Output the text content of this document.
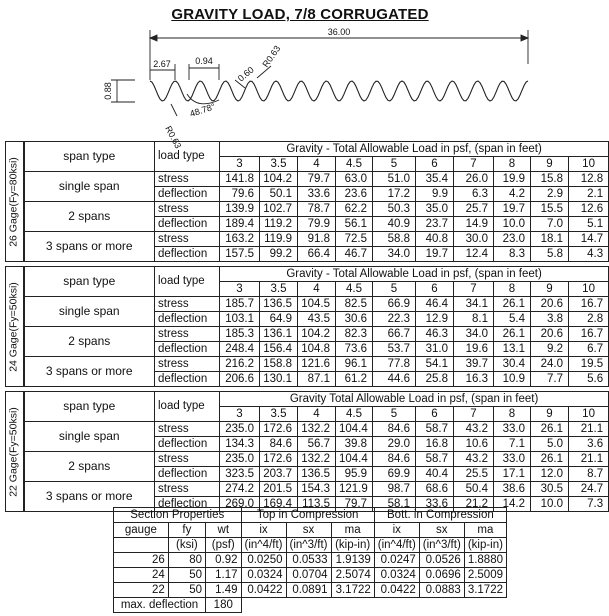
GRAVITY LOAD, 7/8 CORRUGATED
36.00
2.67	0.94
0.88
R0.63
0.60
48.78°
R0.63
26 Gage(Fy=80ksi)	span type	load type	Gravity - Total Allowable Load in psf, (span in feet)									
			3	3.5	4	4.5	5	6	7	8	9	10
	single span	stress	141.8	104.2	79.7	63.0	51.0	35.4	26.0	19.9	15.8	12.8
		deflection	79.6	50.1	33.6	23.6	17.2	9.9	6.3	4.2	2.9	2.1
	2 spans	stress	139.9	102.7	78.7	62.2	50.3	35.0	25.7	19.7	15.5	12.6
		deflection	189.4	119.2	79.9	56.1	40.9	23.7	14.9	10.0	7.0	5.1
	3 spans or more	stress	163.2	119.9	91.8	72.5	58.8	40.8	30.0	23.0	18.1	14.7
		deflection	157.5	99.2	66.4	46.7	34.0	19.7	12.4	8.3	5.8	4.3

24 Gage(Fy=50ksi)	span type	load type	Gravity - Total Allowable Load in psf, (span in feet)									
			3	3.5	4	4.5	5	6	7	8	9	10
	single span	stress	185.7	136.5	104.5	82.5	66.9	46.4	34.1	26.1	20.6	16.7
		deflection	103.1	64.9	43.5	30.6	22.3	12.9	8.1	5.4	3.8	2.8
	2 spans	stress	185.3	136.1	104.2	82.3	66.7	46.3	34.0	26.1	20.6	16.7
		deflection	248.4	156.4	104.8	73.6	53.7	31.0	19.6	13.1	9.2	6.7
	3 spans or more	stress	216.2	158.8	121.6	96.1	77.8	54.1	39.7	30.4	24.0	19.5
		deflection	206.6	130.1	87.1	61.2	44.6	25.8	16.3	10.9	7.7	5.6

22 Gage(Fy=50ksi)	span type	load type	Gravity Total Allowable Load in psf, (span in feet)									
			3	3.5	4	4.5	5	6	7	8	9	10
	single span	stress	235.0	172.6	132.2	104.4	84.6	58.7	43.2	33.0	26.1	21.1
		deflection	134.3	84.6	56.7	39.8	29.0	16.8	10.6	7.1	5.0	3.6
	2 spans	stress	235.0	172.6	132.2	104.4	84.6	58.7	43.2	33.0	26.1	21.1
		deflection	323.5	203.7	136.5	95.9	69.9	40.4	25.5	17.1	12.0	8.7
	3 spans or more	stress	274.2	201.5	154.3	121.9	98.7	68.6	50.4	38.6	30.5	24.7
		deflection	269.0	169.4	113.5	79.7	58.1	33.6	21.2	14.2	10.0	7.3
Section Properties			Top in Compression			Bott. in Compression		
gauge	fy	wt	ix	sx	ma	ix	sx	ma
	(ksi)	(psf)	(in^4/ft)	(in^3/ft)	(kip-in)	(in^4/ft)	(in^3/ft)	(kip-in)
26	80	0.92	0.0250	0.0533	1.9139	0.0247	0.0526	1.8880
24	50	1.17	0.0324	0.0704	2.5074	0.0324	0.0696	2.5009
22	50	1.49	0.0422	0.0891	3.1722	0.0422	0.0883	3.1722
max. deflection		180						
